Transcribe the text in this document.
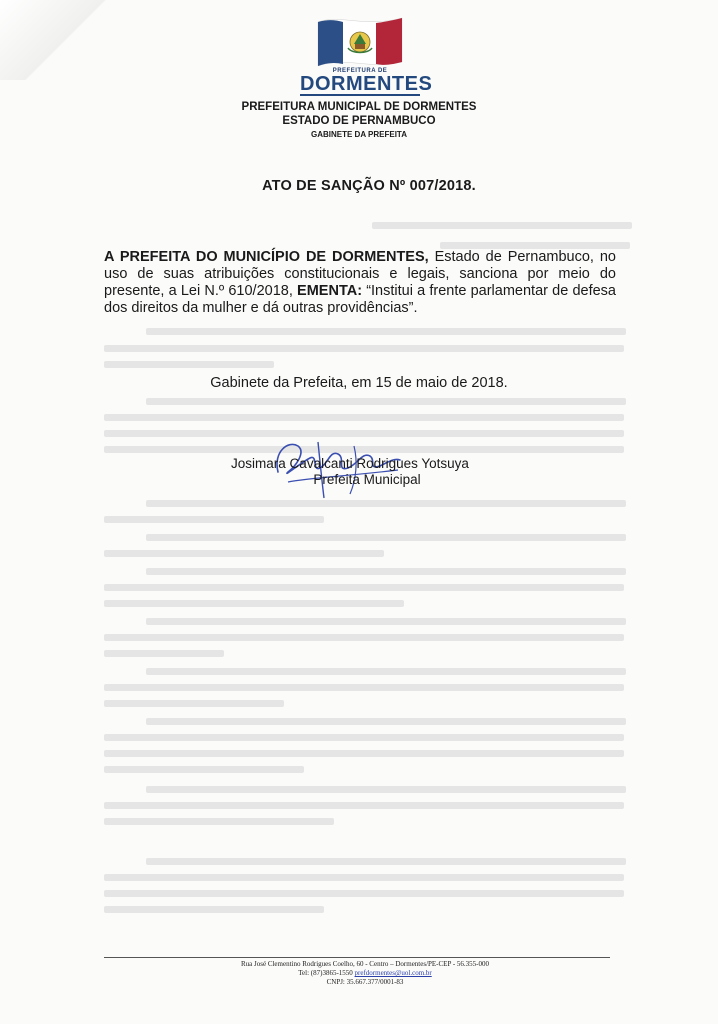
PREFEITURA DE
DORMENTES
PREFEITURA MUNICIPAL DE DORMENTES
ESTADO DE PERNAMBUCO
GABINETE DA PREFEITA
ATO DE SANÇÃO Nº 007/2018.
A PREFEITA DO MUNICÍPIO DE DORMENTES, Estado de Pernambuco, no uso de suas atribuições constitucionais e legais, sanciona por meio do presente, a Lei N.º 610/2018, EMENTA: “Institui a frente parlamentar de defesa dos direitos da mulher e dá outras providências”.
Gabinete da Prefeita, em 15 de maio de 2018.
Josimara Cavalcanti Rodrigues Yotsuya
Prefeita Municipal
Rua José Clementino Rodrigues Coelho, 60 - Centro – Dormentes/PE-CEP - 56.355-000
Tel: (87)3865-1550 prefdormentes@uol.com.br
CNPJ: 35.667.377/0001-83
